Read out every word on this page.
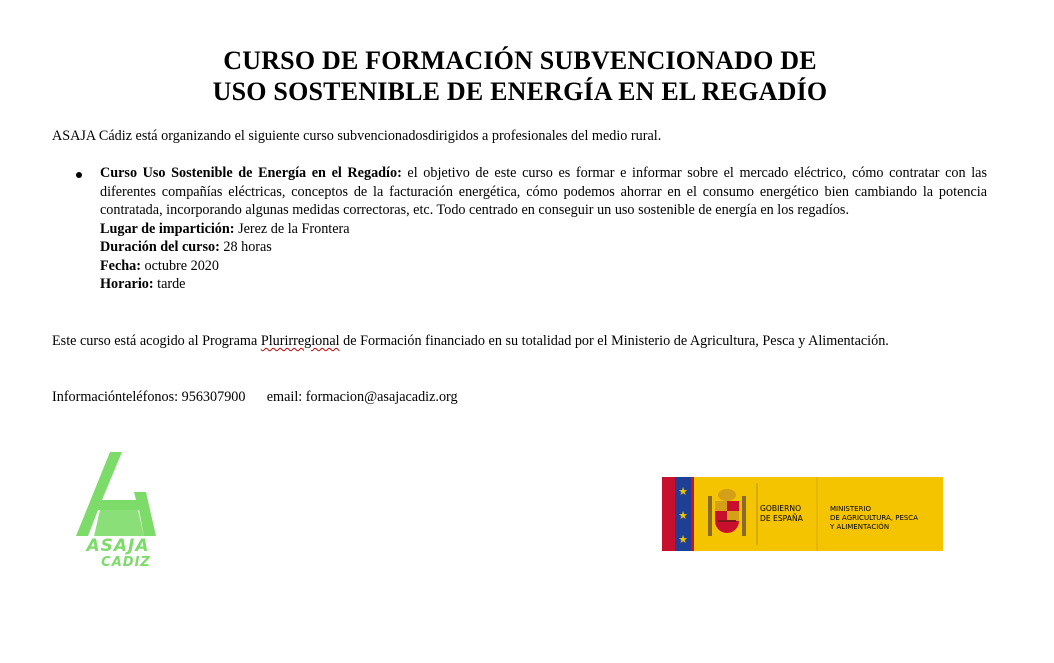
CURSO DE FORMACIÓN SUBVENCIONADO DE
USO SOSTENIBLE DE ENERGÍA EN EL REGADÍO
ASAJA Cádiz está organizando el siguiente curso subvencionadosdirigidos a profesionales del medio rural.
Curso Uso Sostenible de Energía en el Regadío: el objetivo de este curso es formar e informar sobre el mercado eléctrico, cómo contratar con las diferentes compañías eléctricas, conceptos de la facturación energética, cómo podemos ahorrar en el consumo energético bien cambiando la potencia contratada, incorporando algunas medidas correctoras, etc. Todo centrado en conseguir un uso sostenible de energía en los regadíos.
Lugar de impartición: Jerez de la Frontera
Duración del curso: 28 horas
Fecha: octubre 2020
Horario: tarde
Este curso está acogido al Programa Plurirregional de Formación financiado en su totalidad por el Ministerio de Agricultura, Pesca y Alimentación.
Informaciónteléfonos: 956307900 email: formacion@asajacadiz.org
ASAJA
CADIZ
★
★
★
GOBIERNO
DE ESPAÑA
MINISTERIO
DE AGRICULTURA, PESCA
Y ALIMENTACIÓN
